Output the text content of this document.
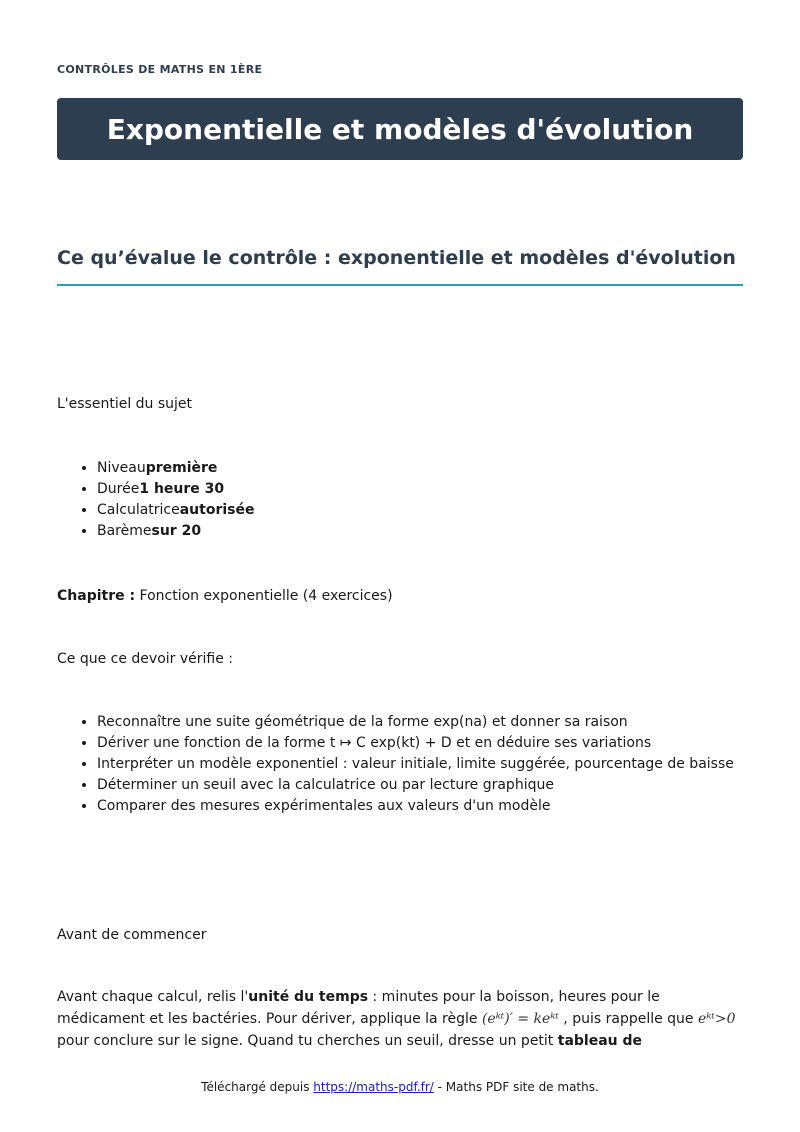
CONTRÔLES DE MATHS EN 1ÈRE
Exponentielle et modèles d'évolution
Ce qu’évalue le contrôle : exponentielle et modèles d'évolution

L'essentiel du sujet

• Niveaupremière
• Durée1 heure 30
• Calculatriceautorisée
• Barèmesur 20

Chapitre : Fonction exponentielle (4 exercices)

Ce que ce devoir vérifie :

• Reconnaître une suite géométrique de la forme exp(na) et donner sa raison
• Dériver une fonction de la forme t ↦ C exp(kt) + D et en déduire ses variations
• Interpréter un modèle exponentiel : valeur initiale, limite suggérée, pourcentage de baisse
• Déterminer un seuil avec la calculatrice ou par lecture graphique
• Comparer des mesures expérimentales aux valeurs d'un modèle

Avant de commencer

Avant chaque calcul, relis l'unité du temps : minutes pour la boisson, heures pour le médicament et les bactéries. Pour dériver, applique la règle (eᵏᵗ)′ = keᵏᵗ , puis rappelle que eᵏᵗ>0 pour conclure sur le signe. Quand tu cherches un seuil, dresse un petit tableau de

Téléchargé depuis https://maths-pdf.fr/ - Maths PDF site de maths.
